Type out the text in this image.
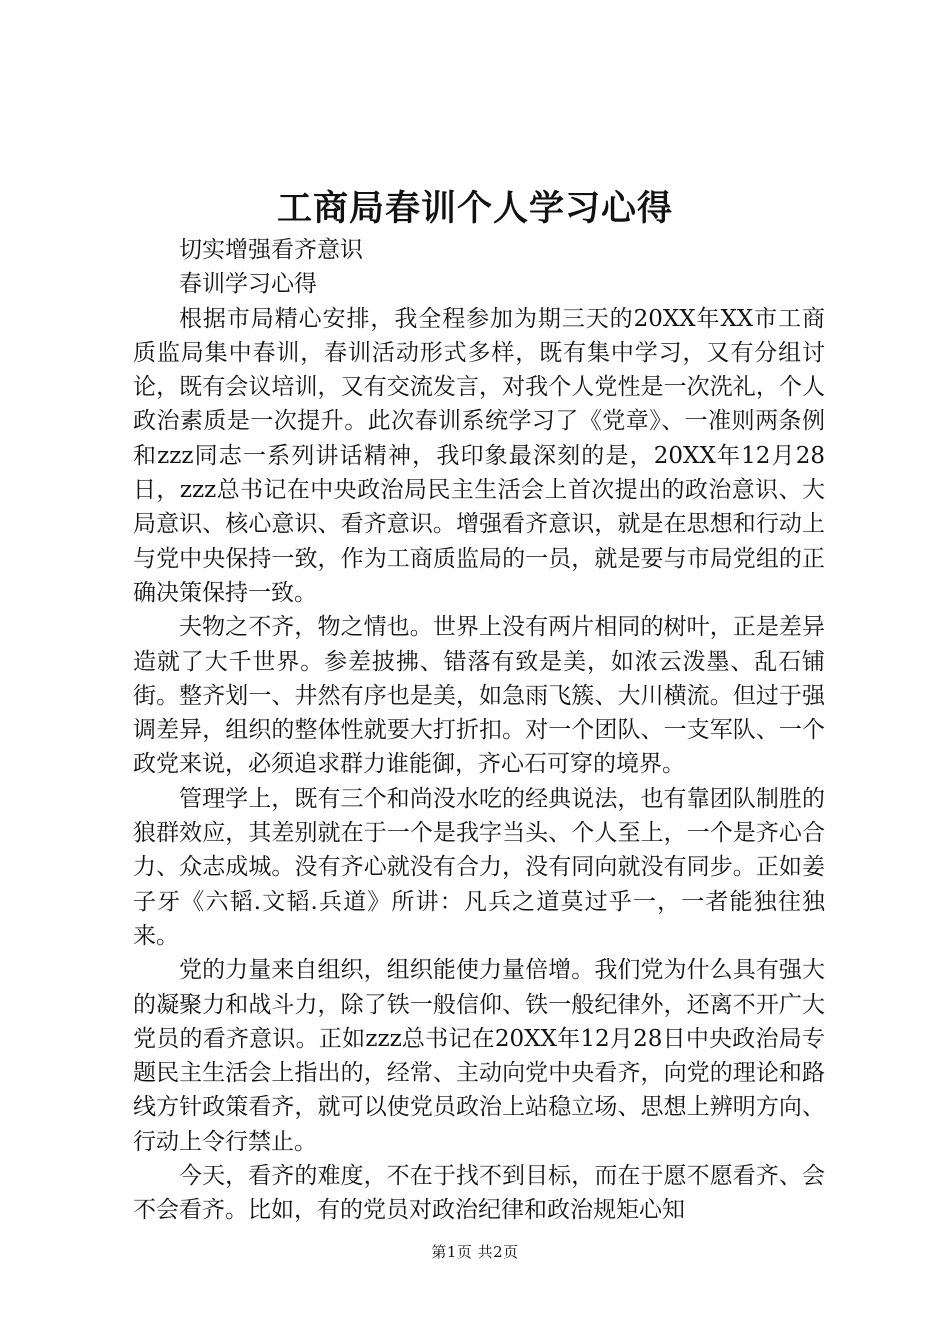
工商局春训个人学习心得

切实增强看齐意识

春训学习心得

根据市局精心安排，我全程参加为期三天的20XX年XX市工商质监局集中春训，春训活动形式多样，既有集中学习，又有分组讨论，既有会议培训，又有交流发言，对我个人党性是一次洗礼，个人政治素质是一次提升。此次春训系统学习了《党章》、一准则两条例和zzz同志一系列讲话精神，我印象最深刻的是，20XX年12月28日，zzz总书记在中央政治局民主生活会上首次提出的政治意识、大局意识、核心意识、看齐意识。增强看齐意识，就是在思想和行动上与党中央保持一致，作为工商质监局的一员，就是要与市局党组的正确决策保持一致。

夫物之不齐，物之情也。世界上没有两片相同的树叶，正是差异造就了大千世界。参差披拂、错落有致是美，如浓云泼墨、乱石铺街。整齐划一、井然有序也是美，如急雨飞簇、大川横流。但过于强调差异，组织的整体性就要大打折扣。对一个团队、一支军队、一个政党来说，必须追求群力谁能御，齐心石可穿的境界。

管理学上，既有三个和尚没水吃的经典说法，也有靠团队制胜的狼群效应，其差别就在于一个是我字当头、个人至上，一个是齐心合力、众志成城。没有齐心就没有合力，没有同向就没有同步。正如姜子牙《六韬.文韬.兵道》所讲：凡兵之道莫过乎一，一者能独往独来。

党的力量来自组织，组织能使力量倍增。我们党为什么具有强大的凝聚力和战斗力，除了铁一般信仰、铁一般纪律外，还离不开广大党员的看齐意识。正如zzz总书记在20XX年12月28日中央政治局专题民主生活会上指出的，经常、主动向党中央看齐，向党的理论和路线方针政策看齐，就可以使党员政治上站稳立场、思想上辨明方向、行动上令行禁止。

今天，看齐的难度，不在于找不到目标，而在于愿不愿看齐、会不会看齐。比如，有的党员对政治纪律和政治规矩心知

第1页 共2页
